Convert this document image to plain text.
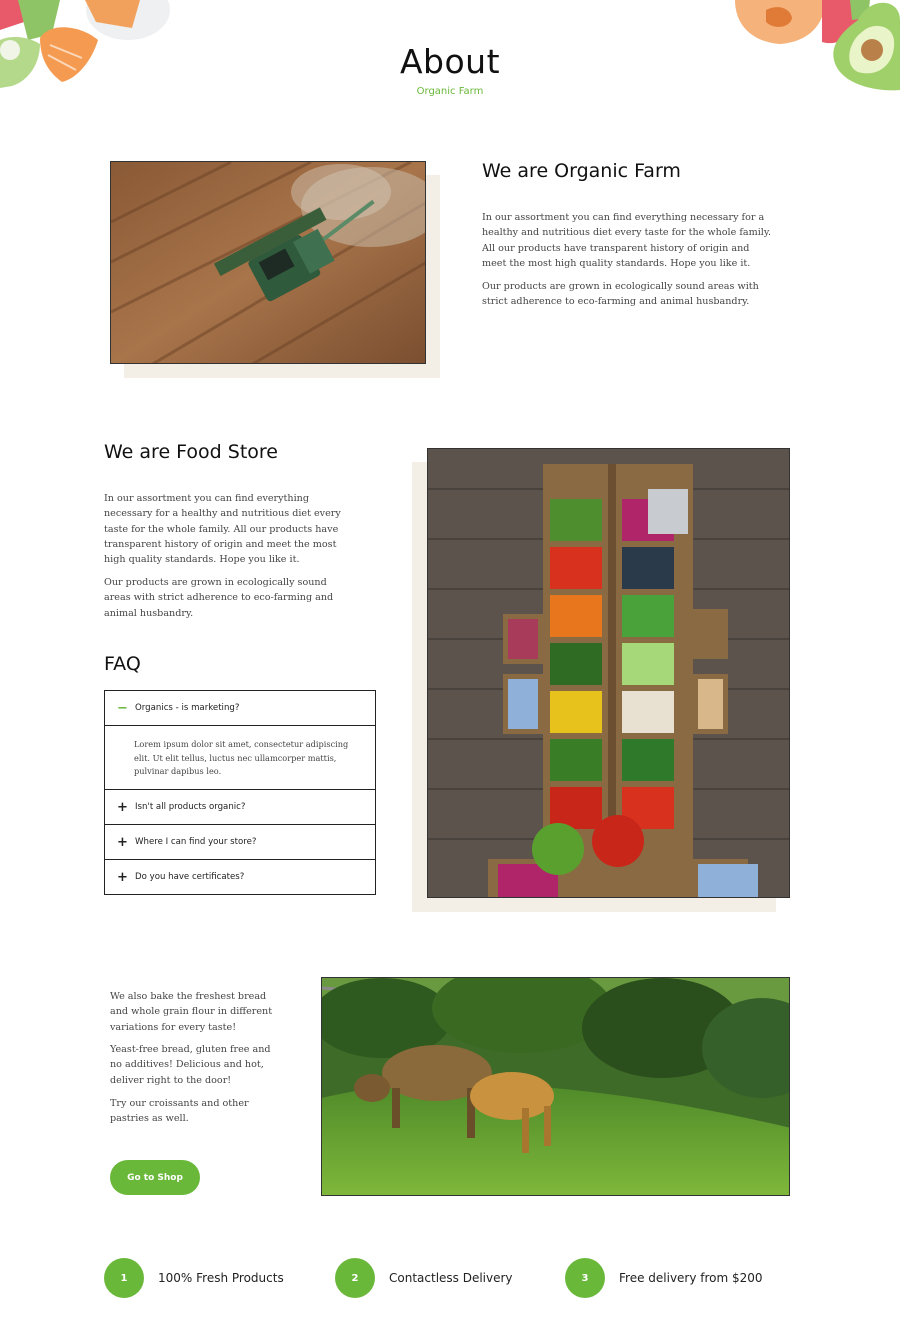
About
Organic Farm
We are Organic Farm

In our assortment you can find everything necessary for a healthy and nutritious diet every taste for the whole family. All our products have transparent history of origin and meet the most high quality standards. Hope you like it.

Our products are grown in ecologically sound areas with strict adherence to eco-farming and animal husbandry.

We are Food Store

In our assortment you can find everything necessary for a healthy and nutritious diet every taste for the whole family. All our products have transparent history of origin and meet the most high quality standards. Hope you like it.

Our products are grown in ecologically sound areas with strict adherence to eco-farming and animal husbandry.

FAQ
− Organics - is marketing?
Lorem ipsum dolor sit amet, consectetur adipiscing elit. Ut elit tellus, luctus nec ullamcorper mattis, pulvinar dapibus leo.
+ Isn't all products organic?
+ Where I can find your store?
+ Do you have certificates?

We also bake the freshest bread and whole grain flour in different variations for every taste!

Yeast-free bread, gluten free and no additives! Delicious and hot, deliver right to the door!

Try our croissants and other pastries as well.

Go to Shop
1	100% Fresh Products	2	Contactless Delivery	3	Free delivery from $200
